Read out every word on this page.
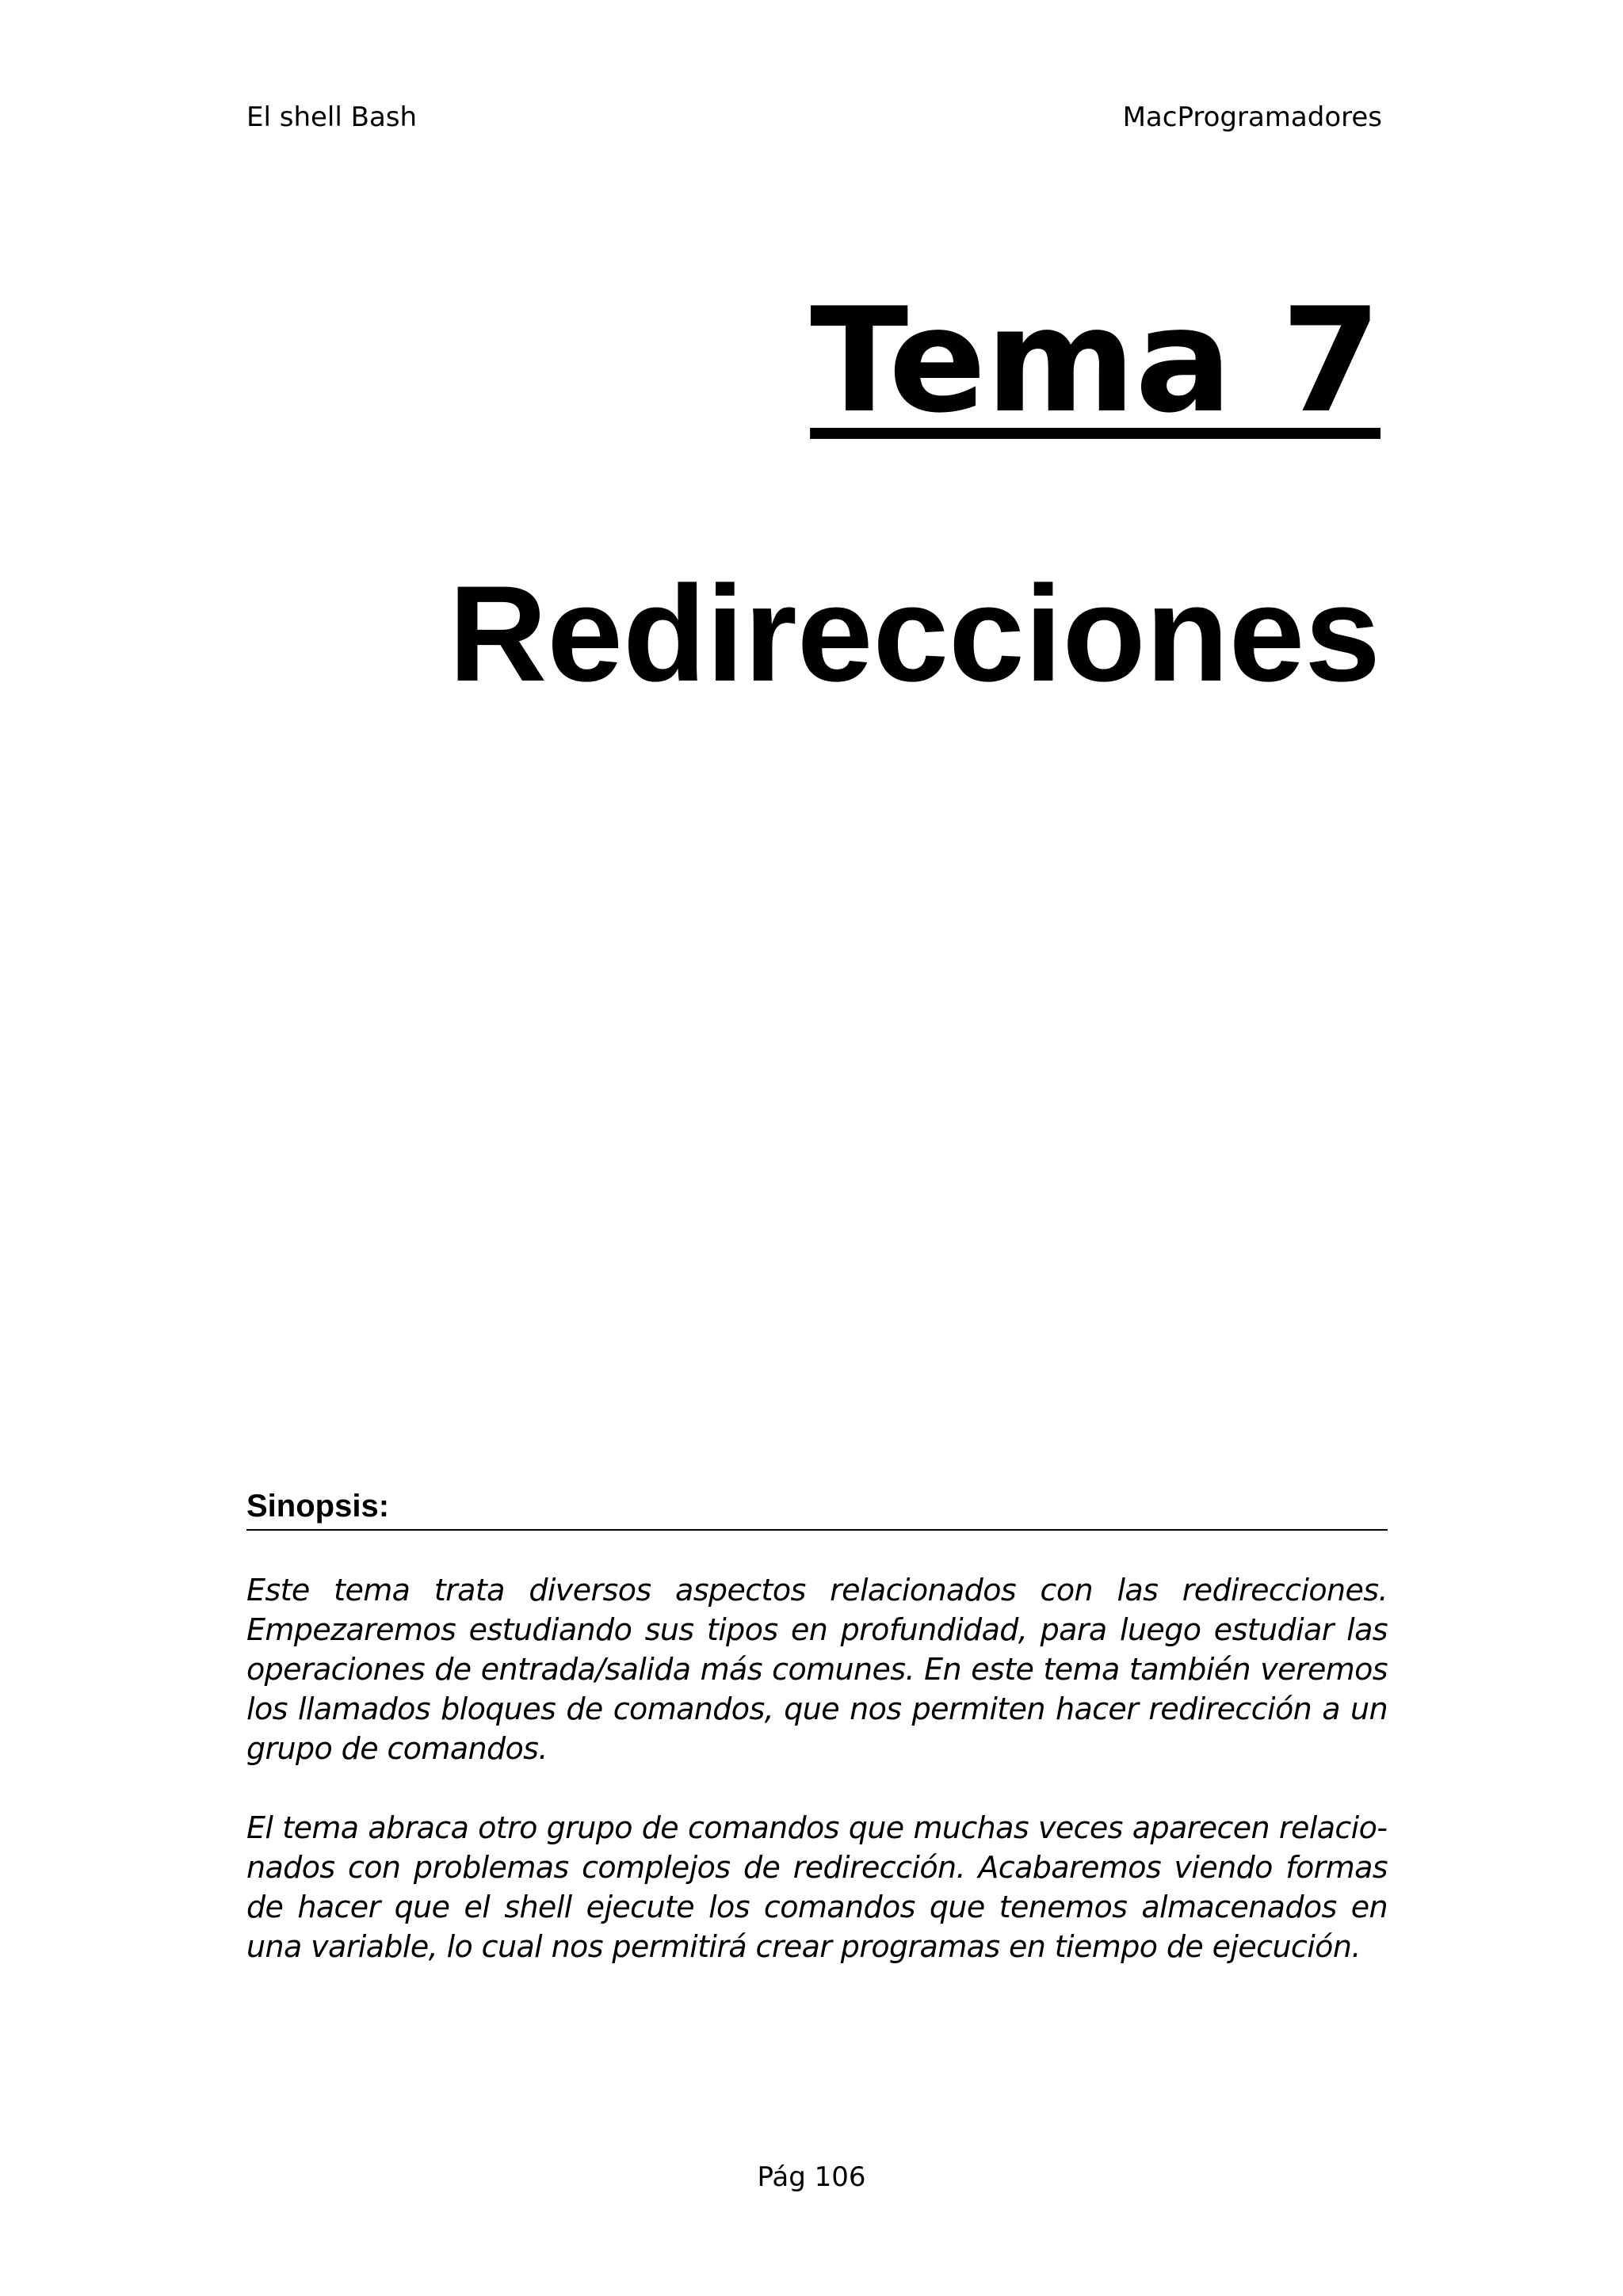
El shell Bash	MacProgramadores
Tema 7
Redirecciones
Sinopsis:

Este tema trata diversos aspectos relacionados con las redirecciones. Empezaremos estudiando sus tipos en profundidad, para luego estudiar las operaciones de entrada/salida más comunes. En este tema también veremos los llamados bloques de comandos, que nos permiten hacer redirección a un grupo de comandos.

El tema abraca otro grupo de comandos que muchas veces aparecen relacionados con problemas complejos de redirección. Acabaremos viendo formas de hacer que el shell ejecute los comandos que tenemos almacenados en una variable, lo cual nos permitirá crear programas en tiempo de ejecución.

Pág 106
